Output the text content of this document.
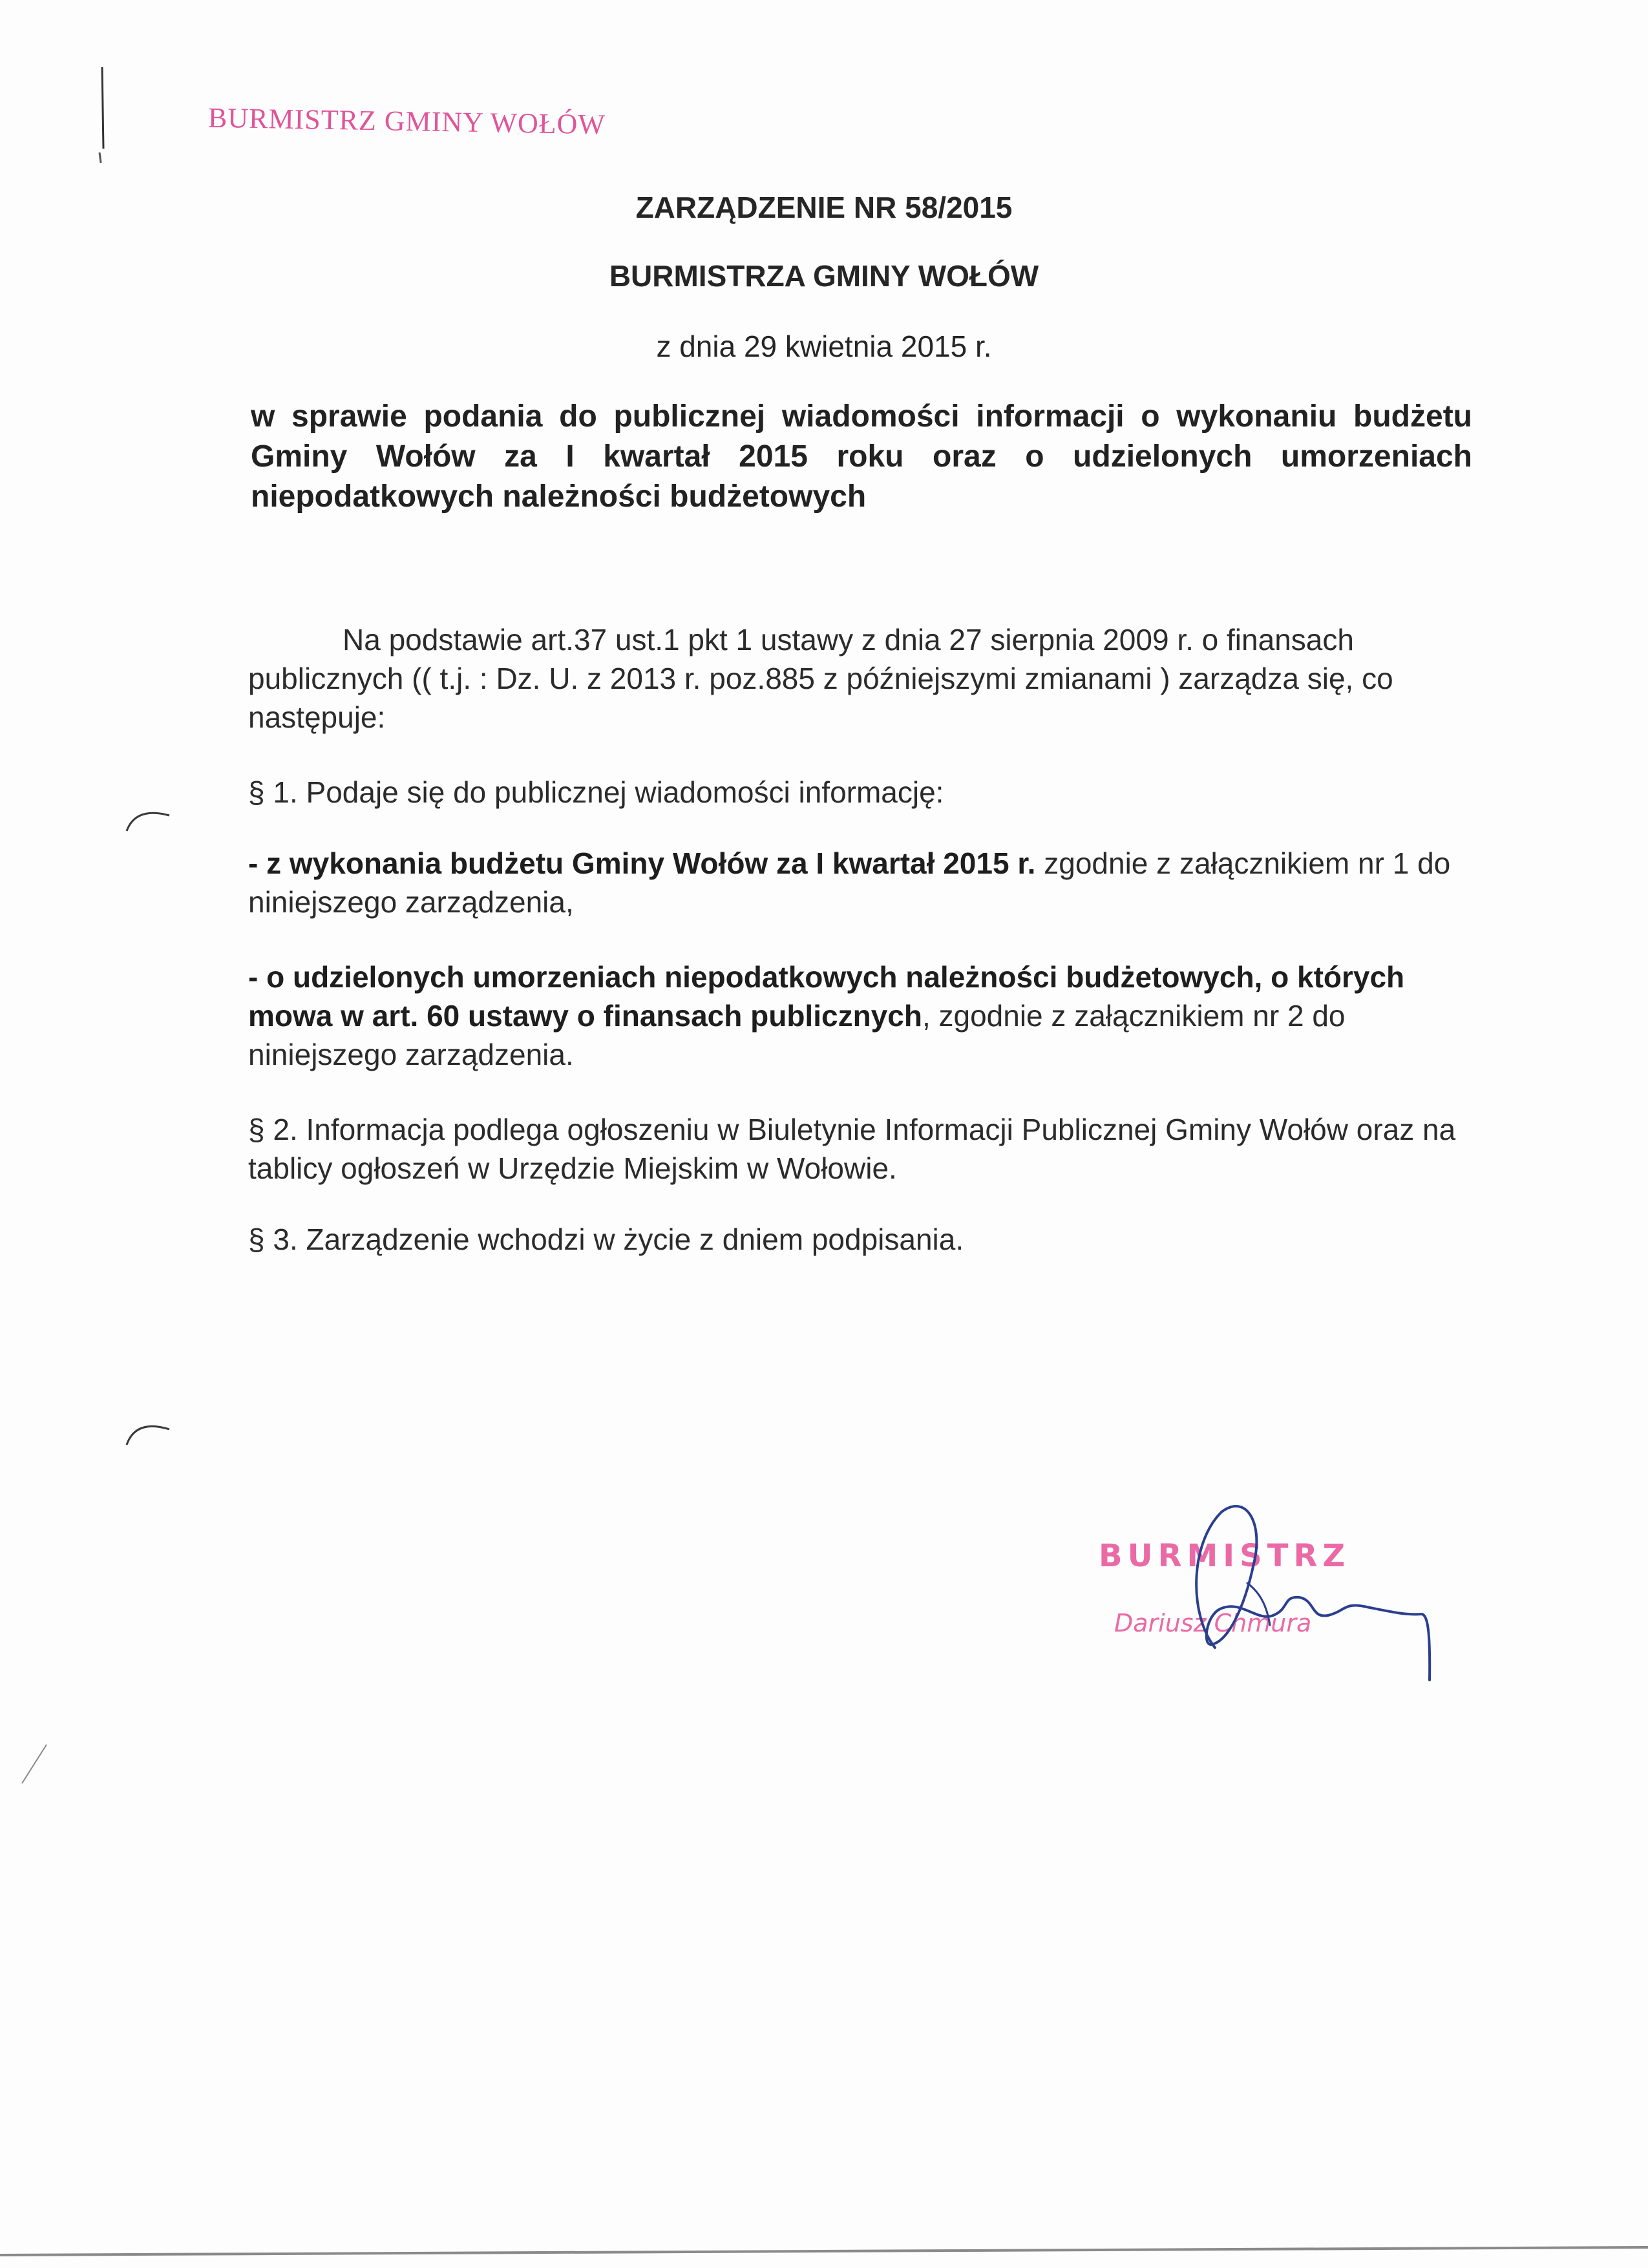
BURMISTRZ GMINY WOŁÓW
ZARZĄDZENIE NR 58/2015
BURMISTRZA GMINY WOŁÓW
z dnia 29 kwietnia 2015 r.
w sprawie podania do publicznej wiadomości informacji o wykonaniu budżetu Gminy Wołów za I kwartał 2015 roku oraz o udzielonych umorzeniach niepodatkowych należności budżetowych
Na podstawie art.37 ust.1 pkt 1 ustawy z dnia 27 sierpnia 2009 r. o finansach publicznych (( t.j. : Dz. U. z 2013 r. poz.885 z późniejszymi zmianami ) zarządza się, co następuje:
§ 1. Podaje się do publicznej wiadomości informację:
- z wykonania budżetu Gminy Wołów za I kwartał 2015 r. zgodnie z załącznikiem nr 1 do niniejszego zarządzenia,
- o udzielonych umorzeniach niepodatkowych należności budżetowych, o których mowa w art. 60 ustawy o finansach publicznych, zgodnie z załącznikiem nr 2 do niniejszego zarządzenia.
§ 2. Informacja podlega ogłoszeniu w Biuletynie Informacji Publicznej Gminy Wołów oraz na tablicy ogłoszeń w Urzędzie Miejskim w Wołowie.
§ 3. Zarządzenie wchodzi w życie z dniem podpisania.
BURMISTRZ
Dariusz Chmura
